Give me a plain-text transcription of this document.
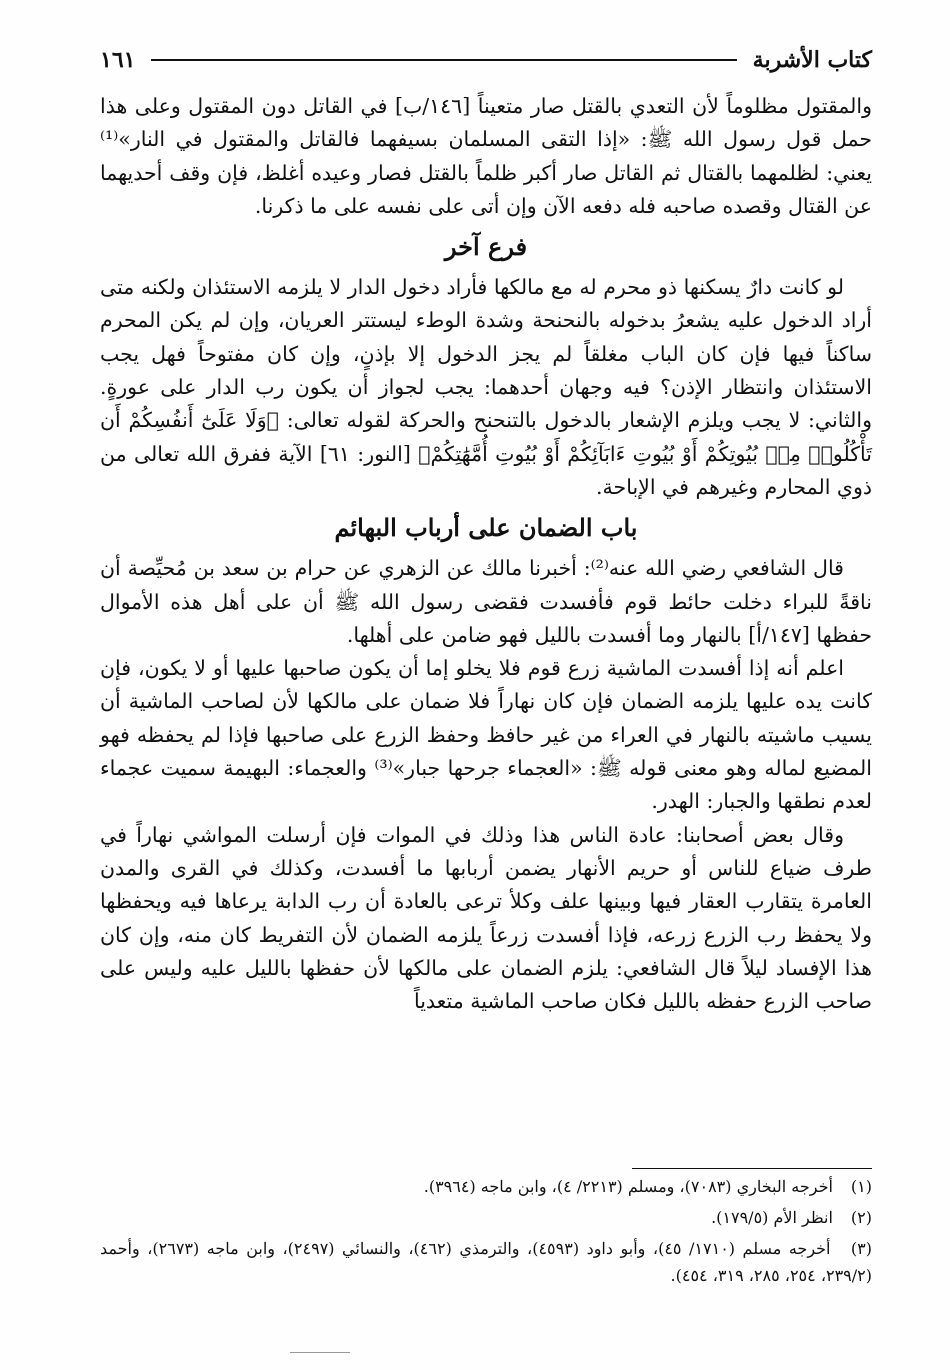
كتاب الأشربة
١٦١

والمقتول مظلوماً لأن التعدي بالقتل صار متعيناً [١٤٦/ب] في القاتل دون المقتول وعلى هذا حمل قول رسول الله ﷺ: «إذا التقى المسلمان بسيفهما فالقاتل والمقتول في النار»⁽¹⁾ يعني: لظلمهما بالقتال ثم القاتل صار أكبر ظلماً بالقتل فصار وعيده أغلظ، فإن وقف أحديهما عن القتال وقصده صاحبه فله دفعه الآن وإن أتى على نفسه على ما ذكرنا.

فرع آخر

لو كانت دارٌ يسكنها ذو محرم له مع مالكها فأراد دخول الدار لا يلزمه الاستئذان ولكنه متى أراد الدخول عليه يشعرُ بدخوله بالنحنحة وشدة الوطء ليستتر العريان، وإن لم يكن المحرم ساكناً فيها فإن كان الباب مغلقاً لم يجز الدخول إلا بإذنٍ، وإن كان مفتوحاً فهل يجب الاستئذان وانتظار الإذن؟ فيه وجهان أحدهما: يجب لجواز أن يكون رب الدار على عورةٍ. والثاني: لا يجب ويلزم الإشعار بالدخول بالتنحنح والحركة لقوله تعالى: ﴿وَلَا عَلَىٰٓ أَنفُسِكُمْ أَن تَأْكُلُوا۟ مِنۢ بُيُوتِكُمْ أَوْ بُيُوتِ ءَابَآئِكُمْ أَوْ بُيُوتِ أُمَّهَٰتِكُمْ﴾ [النور: ٦١] الآية ففرق الله تعالى من ذوي المحارم وغيرهم في الإباحة.

باب الضمان على أرباب البهائم

قال الشافعي رضي الله عنه⁽²⁾: أخبرنا مالك عن الزهري عن حرام بن سعد بن مُحيِّصة أن ناقةً للبراء دخلت حائط قوم فأفسدت فقضى رسول الله ﷺ أن على أهل هذه الأموال حفظها [١٤٧/أ] بالنهار وما أفسدت بالليل فهو ضامن على أهلها.

اعلم أنه إذا أفسدت الماشية زرع قوم فلا يخلو إما أن يكون صاحبها عليها أو لا يكون، فإن كانت يده عليها يلزمه الضمان فإن كان نهاراً فلا ضمان على مالكها لأن لصاحب الماشية أن يسيب ماشيته بالنهار في العراء من غير حافظ وحفظ الزرع على صاحبها فإذا لم يحفظه فهو المضيع لماله وهو معنى قوله ﷺ: «العجماء جرحها جبار»⁽³⁾ والعجماء: البهيمة سميت عجماء لعدم نطقها والجبار: الهدر.

وقال بعض أصحابنا: عادة الناس هذا وذلك في الموات فإن أرسلت المواشي نهاراً في طرف ضياع للناس أو حريم الأنهار يضمن أربابها ما أفسدت، وكذلك في القرى والمدن العامرة يتقارب العقار فيها وبينها علف وكلأ ترعى بالعادة أن رب الدابة يرعاها فيه ويحفظها ولا يحفظ رب الزرع زرعه، فإذا أفسدت زرعاً يلزمه الضمان لأن التفريط كان منه، وإن كان هذا الإفساد ليلاً قال الشافعي: يلزم الضمان على مالكها لأن حفظها بالليل عليه وليس على صاحب الزرع حفظه بالليل فكان صاحب الماشية متعدياً

(١) أخرجه البخاري (٧٠٨٣)، ومسلم (٢٢١٣/ ٤)، وابن ماجه (٣٩٦٤).

(٢) انظر الأم (١٧٩/٥).

(٣) أخرجه مسلم (١٧١٠/ ٤٥)، وأبو داود (٤٥٩٣)، والترمذي (٤٦٢)، والنسائي (٢٤٩٧)، وابن ماجه (٢٦٧٣)، وأحمد (٢٣٩/٢، ٢٥٤، ٢٨٥، ٣١٩، ٤٥٤).
